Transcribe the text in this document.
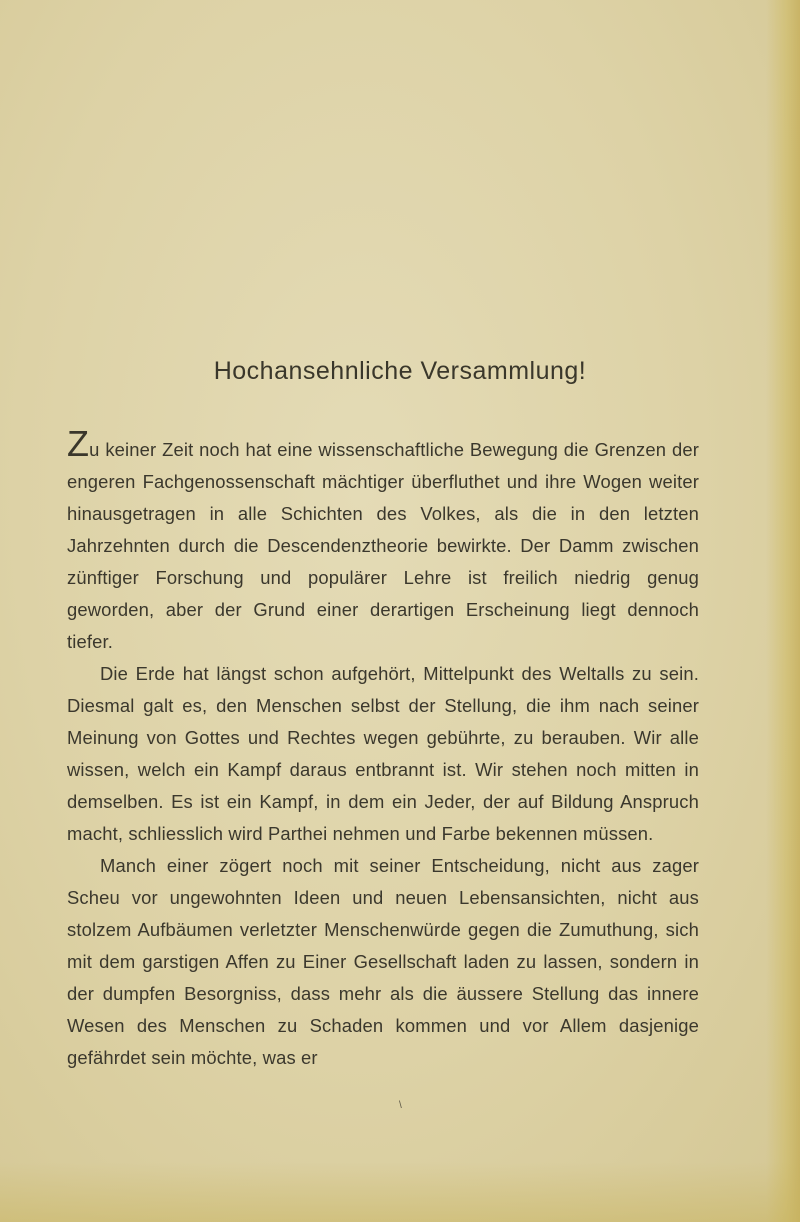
Hochansehnliche Versammlung!

Zu keiner Zeit noch hat eine wissenschaftliche Bewegung die Grenzen der engeren Fachgenossenschaft mächtiger überfluthet und ihre Wogen weiter hinausgetragen in alle Schichten des Volkes, als die in den letzten Jahrzehnten durch die Descendenztheorie bewirkte. Der Damm zwischen zünftiger Forschung und populärer Lehre ist freilich niedrig genug geworden, aber der Grund einer derartigen Erscheinung liegt dennoch tiefer.

Die Erde hat längst schon aufgehört, Mittelpunkt des Weltalls zu sein. Diesmal galt es, den Menschen selbst der Stellung, die ihm nach seiner Meinung von Gottes und Rechtes wegen gebührte, zu berauben. Wir alle wissen, welch ein Kampf daraus entbrannt ist. Wir stehen noch mitten in demselben. Es ist ein Kampf, in dem ein Jeder, der auf Bildung Anspruch macht, schliesslich wird Parthei nehmen und Farbe bekennen müssen.

Manch einer zögert noch mit seiner Entscheidung, nicht aus zager Scheu vor ungewohnten Ideen und neuen Lebensansichten, nicht aus stolzem Aufbäumen verletzter Menschenwürde gegen die Zumuthung, sich mit dem garstigen Affen zu Einer Gesellschaft laden zu lassen, sondern in der dumpfen Besorgniss, dass mehr als die äussere Stellung das innere Wesen des Menschen zu Schaden kommen und vor Allem dasjenige gefährdet sein möchte, was er

\
